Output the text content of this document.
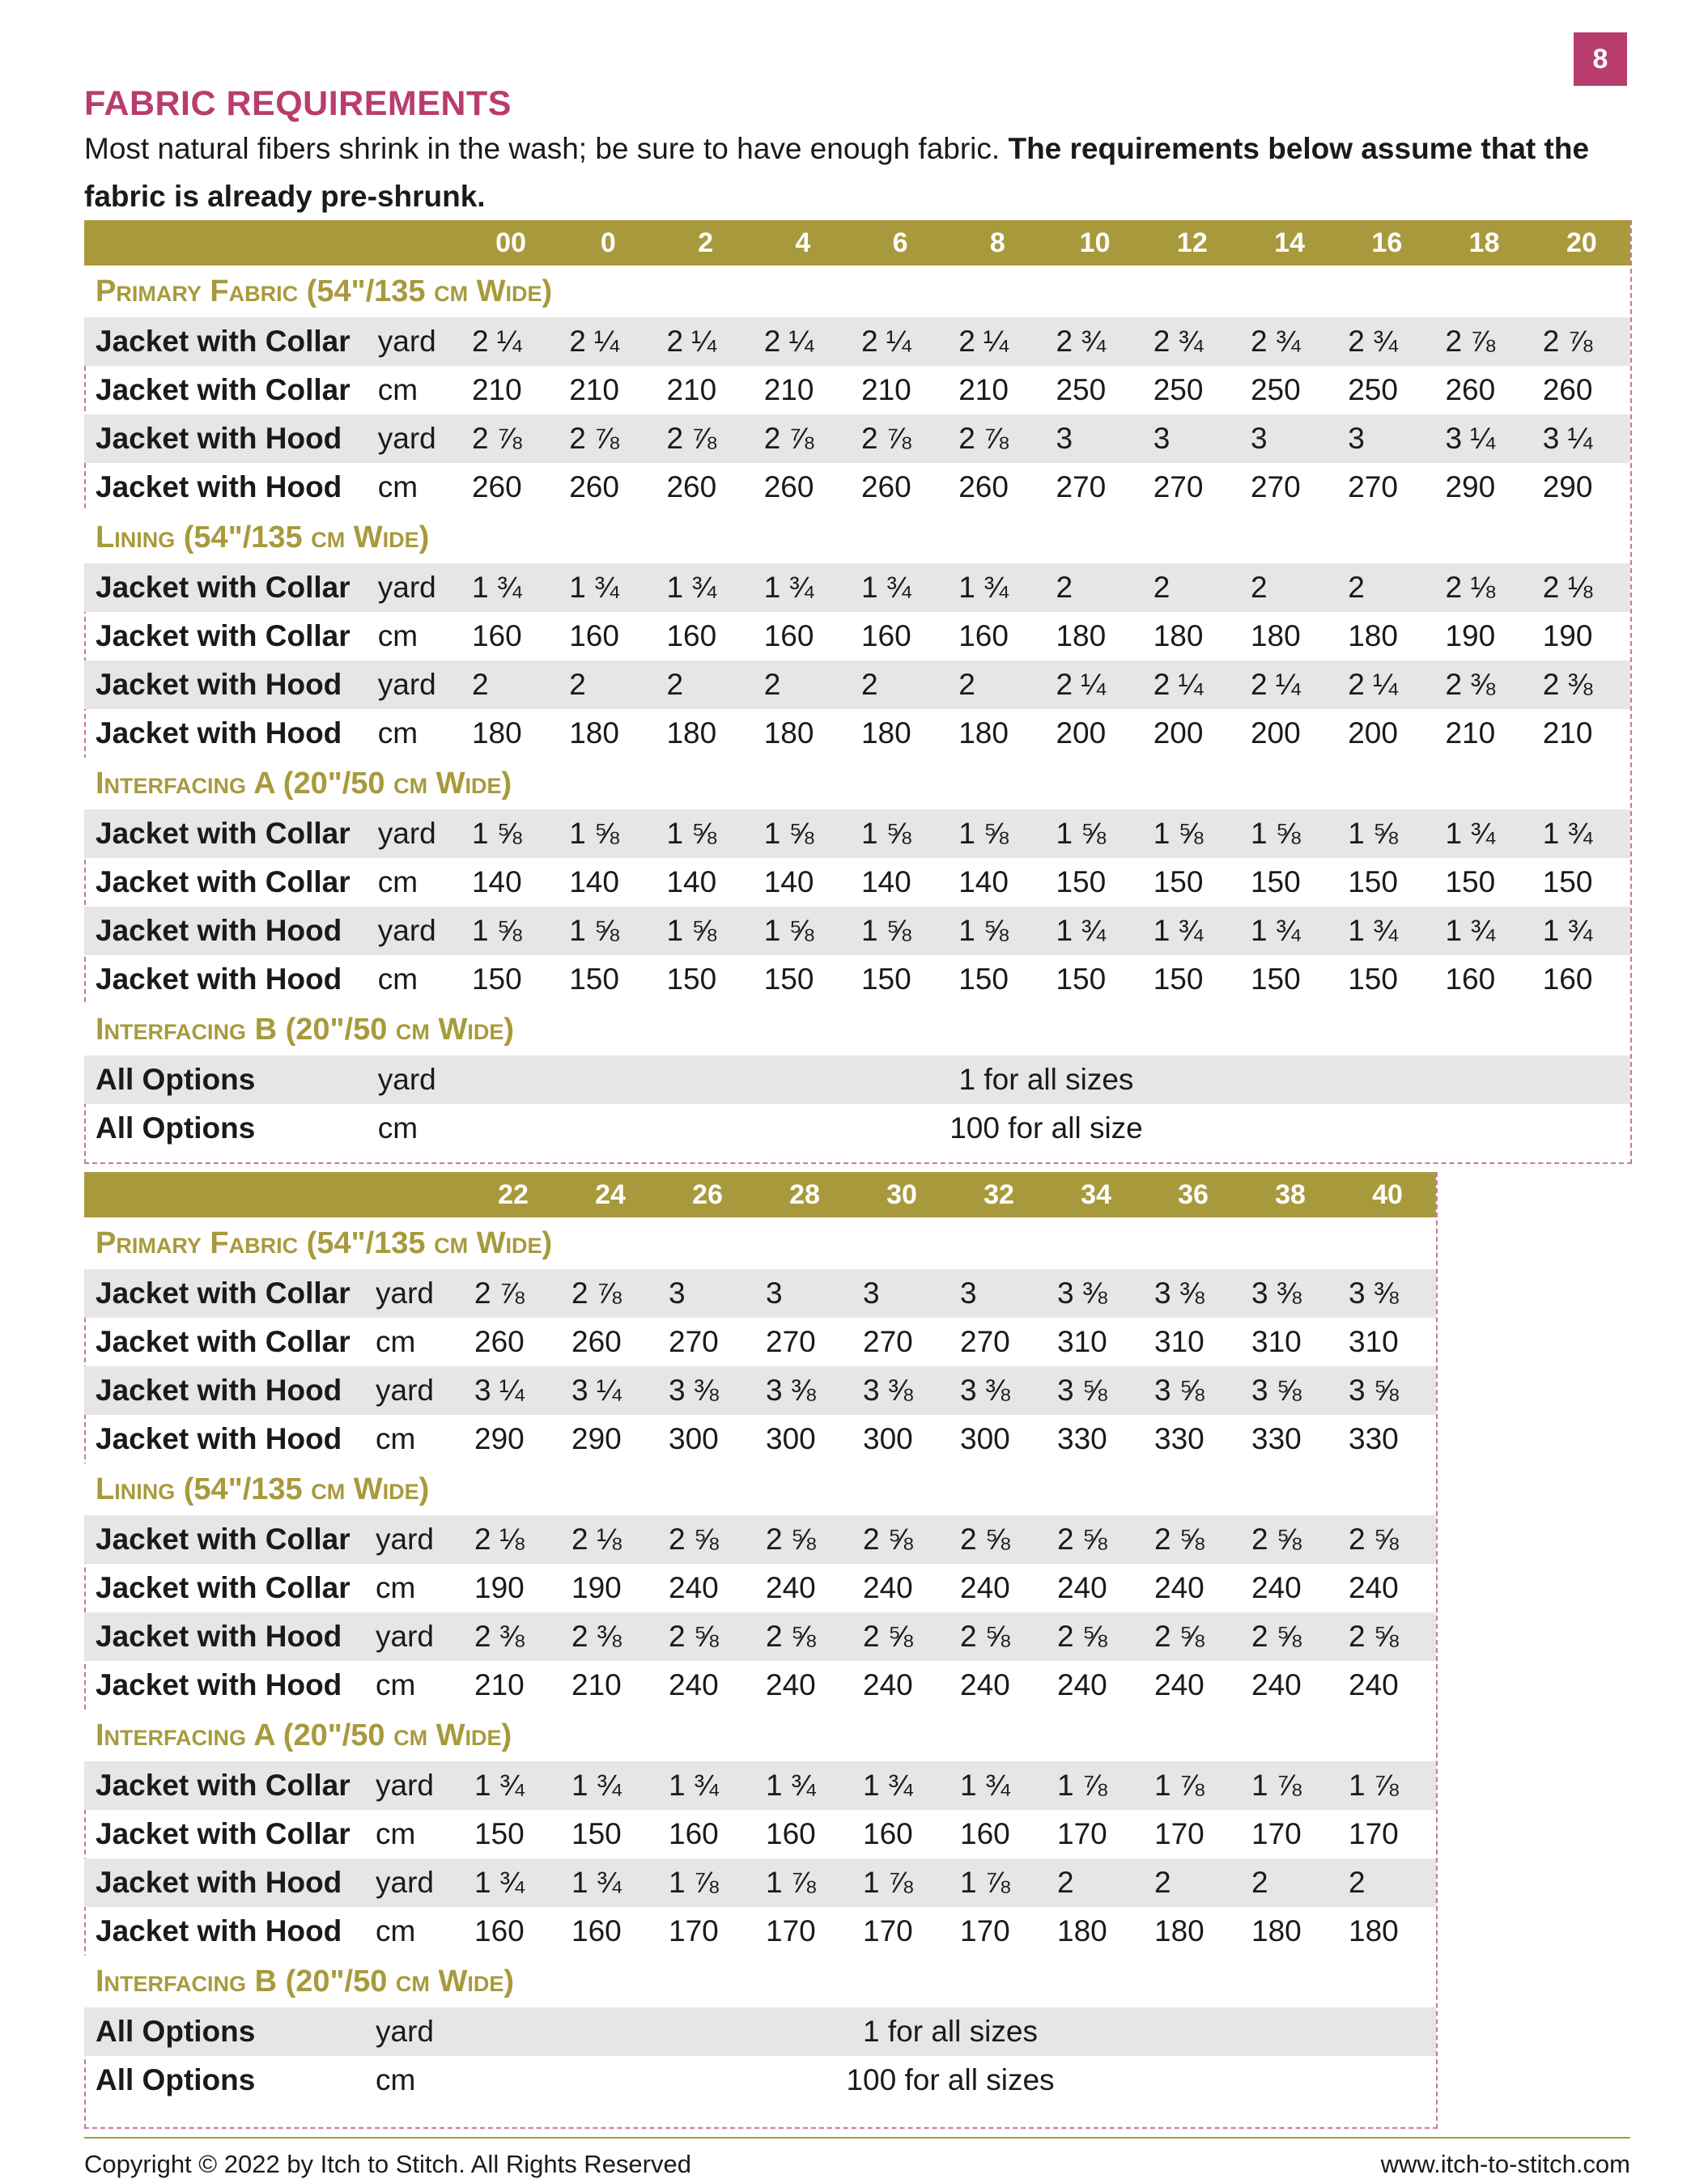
8
FABRIC REQUIREMENTS

Most natural fibers shrink in the wash; be sure to have enough fabric. The requirements below assume that the fabric is already pre-shrunk.

		00	0	2	4	6	8	10	12	14	16	18	20
Primary Fabric (54"/135 cm Wide)													
Jacket with Collar	yard	2 ¼	2 ¼	2 ¼	2 ¼	2 ¼	2 ¼	2 ¾	2 ¾	2 ¾	2 ¾	2 ⅞	2 ⅞
Jacket with Collar	cm	210	210	210	210	210	210	250	250	250	250	260	260
Jacket with Hood	yard	2 ⅞	2 ⅞	2 ⅞	2 ⅞	2 ⅞	2 ⅞	3	3	3	3	3 ¼	3 ¼
Jacket with Hood	cm	260	260	260	260	260	260	270	270	270	270	290	290
Lining (54"/135 cm Wide)													
Jacket with Collar	yard	1 ¾	1 ¾	1 ¾	1 ¾	1 ¾	1 ¾	2	2	2	2	2 ⅛	2 ⅛
Jacket with Collar	cm	160	160	160	160	160	160	180	180	180	180	190	190
Jacket with Hood	yard	2	2	2	2	2	2	2 ¼	2 ¼	2 ¼	2 ¼	2 ⅜	2 ⅜
Jacket with Hood	cm	180	180	180	180	180	180	200	200	200	200	210	210
Interfacing A (20"/50 cm Wide)													
Jacket with Collar	yard	1 ⅝	1 ⅝	1 ⅝	1 ⅝	1 ⅝	1 ⅝	1 ⅝	1 ⅝	1 ⅝	1 ⅝	1 ¾	1 ¾
Jacket with Collar	cm	140	140	140	140	140	140	150	150	150	150	150	150
Jacket with Hood	yard	1 ⅝	1 ⅝	1 ⅝	1 ⅝	1 ⅝	1 ⅝	1 ¾	1 ¾	1 ¾	1 ¾	1 ¾	1 ¾
Jacket with Hood	cm	150	150	150	150	150	150	150	150	150	150	160	160
Interfacing B (20"/50 cm Wide)													
All Options	yard	1 for all sizes											
All Options	cm	100 for all size											
		22	24	26	28	30	32	34	36	38	40
Primary Fabric (54"/135 cm Wide)											
Jacket with Collar	yard	2 ⅞	2 ⅞	3	3	3	3	3 ⅜	3 ⅜	3 ⅜	3 ⅜
Jacket with Collar	cm	260	260	270	270	270	270	310	310	310	310
Jacket with Hood	yard	3 ¼	3 ¼	3 ⅜	3 ⅜	3 ⅜	3 ⅜	3 ⅝	3 ⅝	3 ⅝	3 ⅝
Jacket with Hood	cm	290	290	300	300	300	300	330	330	330	330
Lining (54"/135 cm Wide)											
Jacket with Collar	yard	2 ⅛	2 ⅛	2 ⅝	2 ⅝	2 ⅝	2 ⅝	2 ⅝	2 ⅝	2 ⅝	2 ⅝
Jacket with Collar	cm	190	190	240	240	240	240	240	240	240	240
Jacket with Hood	yard	2 ⅜	2 ⅜	2 ⅝	2 ⅝	2 ⅝	2 ⅝	2 ⅝	2 ⅝	2 ⅝	2 ⅝
Jacket with Hood	cm	210	210	240	240	240	240	240	240	240	240
Interfacing A (20"/50 cm Wide)											
Jacket with Collar	yard	1 ¾	1 ¾	1 ¾	1 ¾	1 ¾	1 ¾	1 ⅞	1 ⅞	1 ⅞	1 ⅞
Jacket with Collar	cm	150	150	160	160	160	160	170	170	170	170
Jacket with Hood	yard	1 ¾	1 ¾	1 ⅞	1 ⅞	1 ⅞	1 ⅞	2	2	2	2
Jacket with Hood	cm	160	160	170	170	170	170	180	180	180	180
Interfacing B (20"/50 cm Wide)											
All Options	yard	1 for all sizes									
All Options	cm	100 for all sizes									
Copyright © 2022 by Itch to Stitch. All Rights Reserved	www.itch-to-stitch.com
